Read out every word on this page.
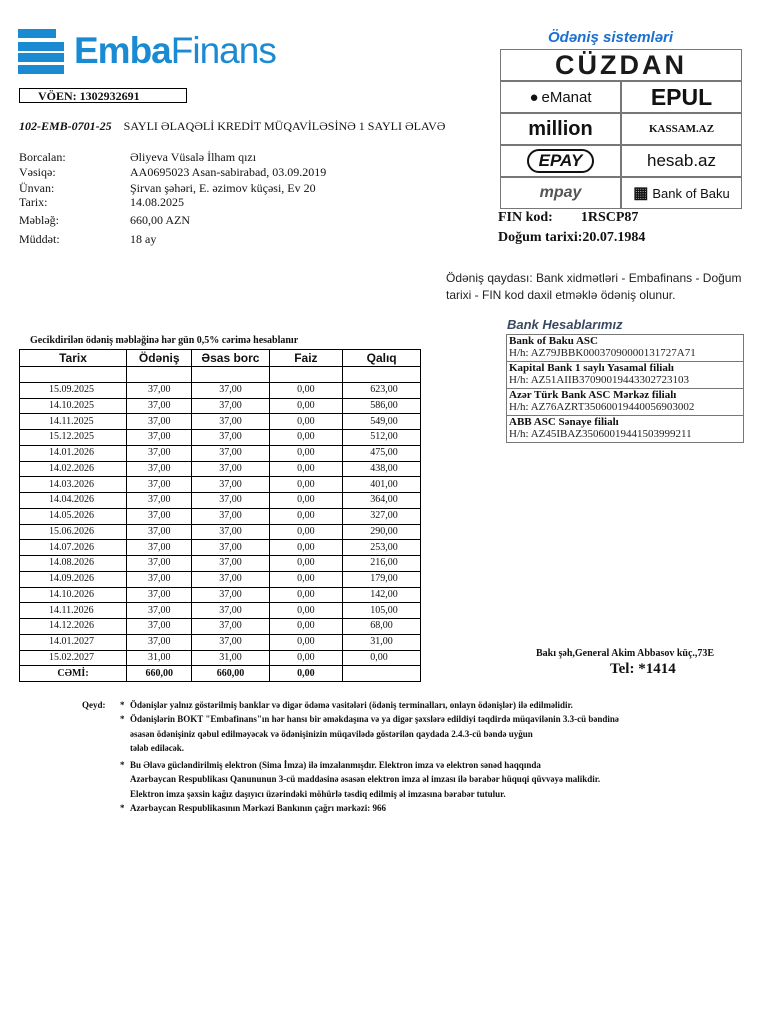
EmbaFinans
VÖEN: 1302932691
102-EMB-0701-25 SAYLI ƏLAQƏLİ KREDİT MÜQAVİLƏSİNƏ 1 SAYLI ƏLAVƏ
Borcalan:	Əliyeva Vüsalə İlham qızı
Vəsiqə:	AA0695023 Asan-sabirabad, 03.09.2019
Ünvan:	Şirvan şəhəri, E. əzimov küçəsi, Ev 20
Tarix:	14.08.2025
Məbləğ:	660,00 AZN
Müddət:	18 ay
Ödəniş sistemləri
CÜZDAN
● eManat	EPUL
million	KASSAM.AZ
EPAY	hesab.az
mpay	▦ Bank of Baku
FIN kod: 1RSCP87
Doğum tarixi:20.07.1984
Ödəniş qaydası: Bank xidmətləri - Embafinans - Doğum tarixi - FIN kod daxil etməklə ödəniş olunur.
Bank Hesablarımız
Bank of Baku ASC
H/h: AZ79JBBK00037090000131727A71
Kapital Bank 1 saylı Yasamal filialı
H/h: AZ51AIIB37090019443302723103
Azər Türk Bank ASC Mərkəz filialı
H/h: AZ76AZRT35060019440056903002
ABB ASC Sənaye filialı
H/h: AZ45IBAZ35060019441503999211
Gecikdirilən ödəniş məbləğinə hər gün 0,5% cərimə hesablanır
Tarix	Ödəniş	Əsas borc	Faiz	Qalıq

15.09.2025	37,00	37,00	0,00	623,00
14.10.2025	37,00	37,00	0,00	586,00
14.11.2025	37,00	37,00	0,00	549,00
15.12.2025	37,00	37,00	0,00	512,00
14.01.2026	37,00	37,00	0,00	475,00
14.02.2026	37,00	37,00	0,00	438,00
14.03.2026	37,00	37,00	0,00	401,00
14.04.2026	37,00	37,00	0,00	364,00
14.05.2026	37,00	37,00	0,00	327,00
15.06.2026	37,00	37,00	0,00	290,00
14.07.2026	37,00	37,00	0,00	253,00
14.08.2026	37,00	37,00	0,00	216,00
14.09.2026	37,00	37,00	0,00	179,00
14.10.2026	37,00	37,00	0,00	142,00
14.11.2026	37,00	37,00	0,00	105,00
14.12.2026	37,00	37,00	0,00	68,00
14.01.2027	37,00	37,00	0,00	31,00
15.02.2027	31,00	31,00	0,00	0,00
CƏMİ:	660,00	660,00	0,00	
Bakı şəh,General Akim Abbasov küç.,73E
Tel: *1414
Qeyd: * Ödənişlər yalnız göstərilmiş banklar və digər ödəmə vasitələri (ödəniş terminalları, onlayn ödənişlər) ilə edilməlidir.
* Ödənişlərin BOKT "Embafinans"ın hər hansı bir əməkdaşına və ya digər şəxslərə edildiyi təqdirdə müqavilənin 3.3-cü bəndinə
əsasən ödənişiniz qəbul edilməyəcək və ödənişinizin müqavilədə göstərilən qaydada 2.4.3-cü bəndə uyğun
tələb ediləcək.
* Bu Əlavə gücləndirilmiş elektron (Sima İmza) ilə imzalanmışdır. Elektron imza və elektron sənəd haqqında
Azərbaycan Respublikası Qanununun 3-cü maddəsinə əsasən elektron imza əl imzası ilə bərabər hüquqi qüvvəyə malikdir.
Elektron imza şəxsin kağız daşıyıcı üzərindəki möhürlə təsdiq edilmiş əl imzasına bərabər tutulur.
* Azərbaycan Respublikasının Mərkəzi Bankının çağrı mərkəzi: 966
